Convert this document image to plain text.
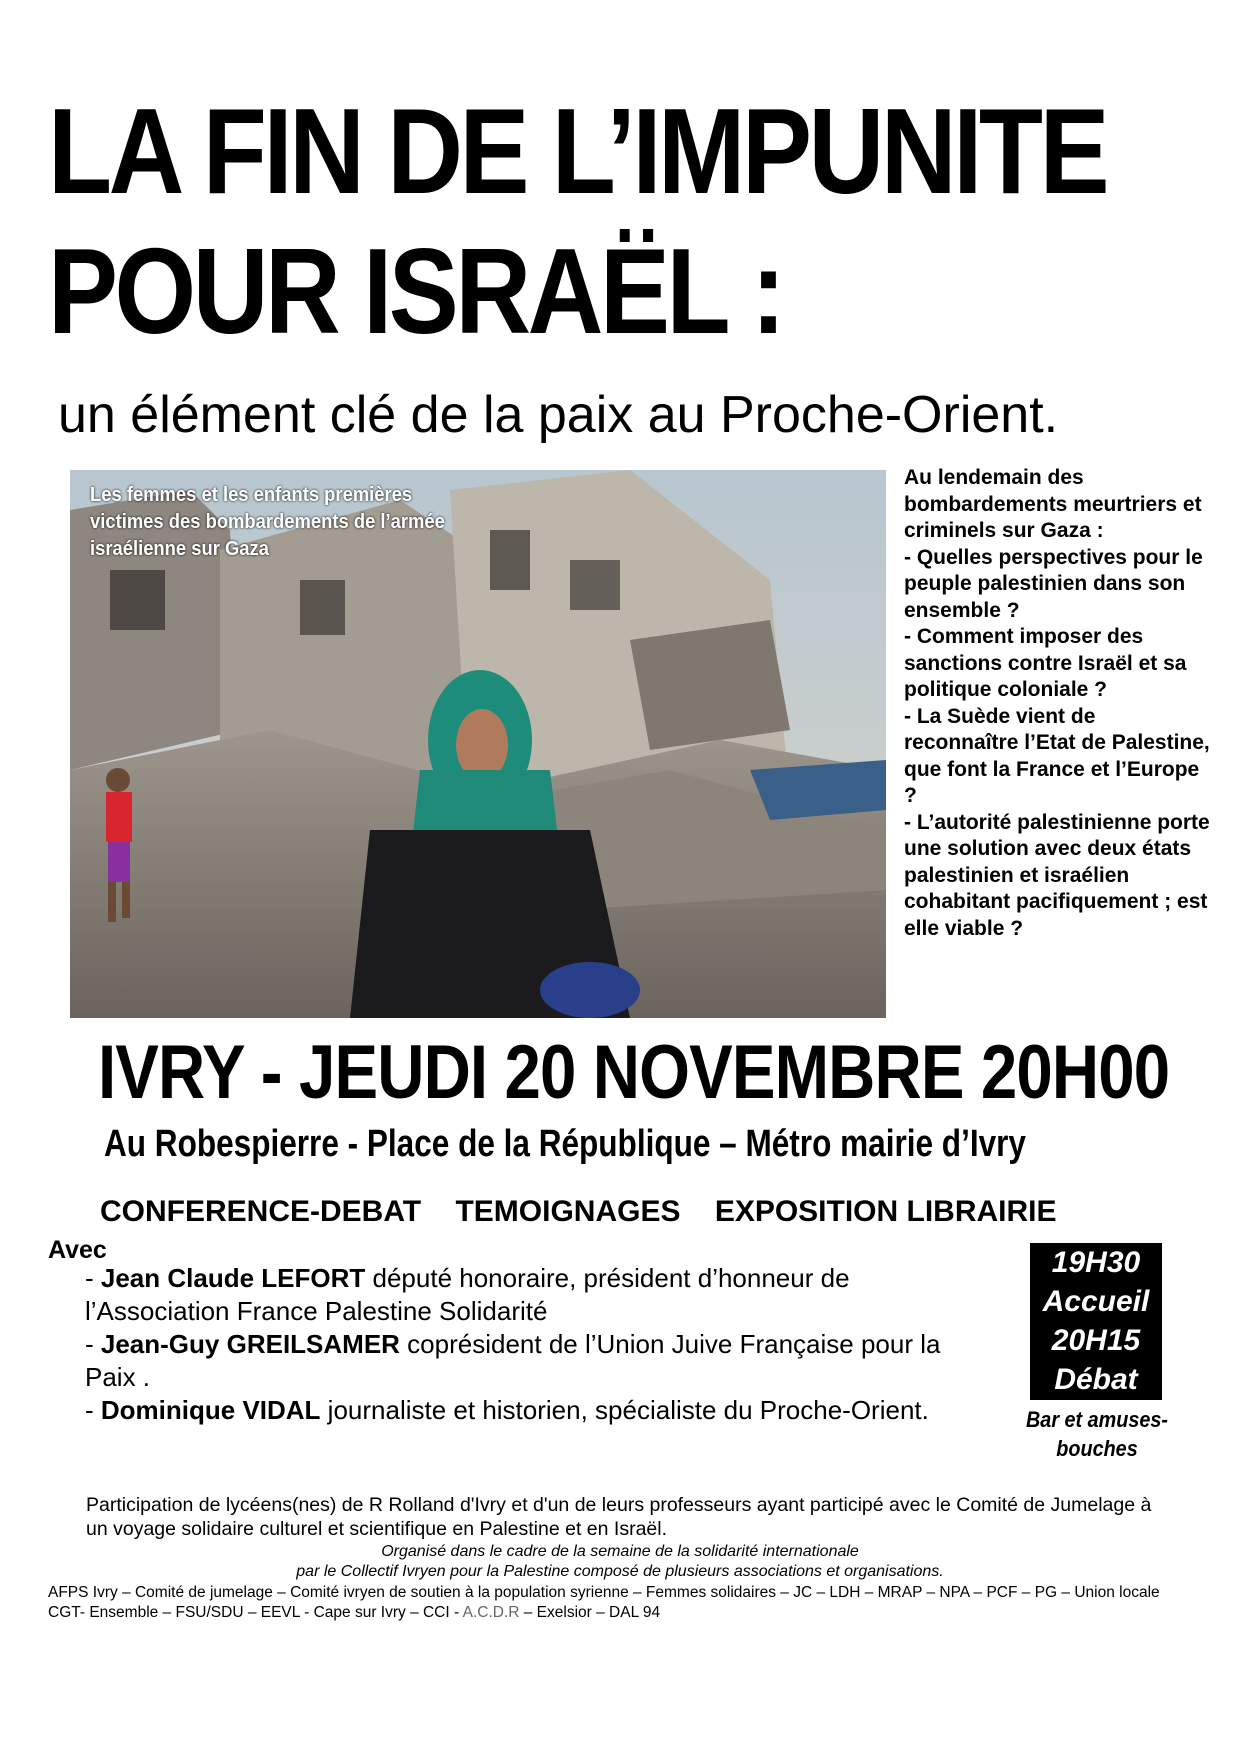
LA FIN DE L’IMPUNITE
POUR ISRAËL :
un élément clé de la paix au Proche-Orient.
Les femmes et les enfants premières
victimes des bombardements de l’armée
israélienne sur Gaza

Au lendemain des bombardements meurtriers et criminels sur Gaza :

- Quelles perspectives pour le peuple palestinien dans son ensemble ?

- Comment imposer des sanctions contre Israël et sa politique coloniale ?

- La Suède vient de reconnaître l’Etat de Palestine, que font la France et l’Europe ?

- L’autorité palestinienne porte une solution avec deux états palestinien et israélien cohabitant pacifiquement ; est elle viable ?

IVRY - JEUDI 20 NOVEMBRE 20H00
Au Robespierre - Place de la République – Métro mairie d’Ivry
CONFERENCE-DEBAT TEMOIGNAGES EXPOSITION LIBRAIRIE
Avec

- Jean Claude LEFORT député honoraire, président d’honneur de l’Association France Palestine Solidarité

- Jean-Guy GREILSAMER coprésident de l’Union Juive Française pour la Paix .

- Dominique VIDAL journaliste et historien, spécialiste du Proche-Orient.

19H30
Accueil
20H15
Débat
Bar et amuses-bouches
Participation de lycéens(nes) de R Rolland d'Ivry et d'un de leurs professeurs ayant participé avec le Comité de Jumelage à un voyage solidaire culturel et scientifique en Palestine et en Israël.
Organisé dans le cadre de la semaine de la solidarité internationale
par le Collectif Ivryen pour la Palestine composé de plusieurs associations et organisations.
AFPS Ivry – Comité de jumelage – Comité ivryen de soutien à la population syrienne – Femmes solidaires – JC – LDH – MRAP – NPA – PCF – PG – Union locale CGT- Ensemble – FSU/SDU – EEVL - Cape sur Ivry – CCI - A.C.D.R – Exelsior – DAL 94
